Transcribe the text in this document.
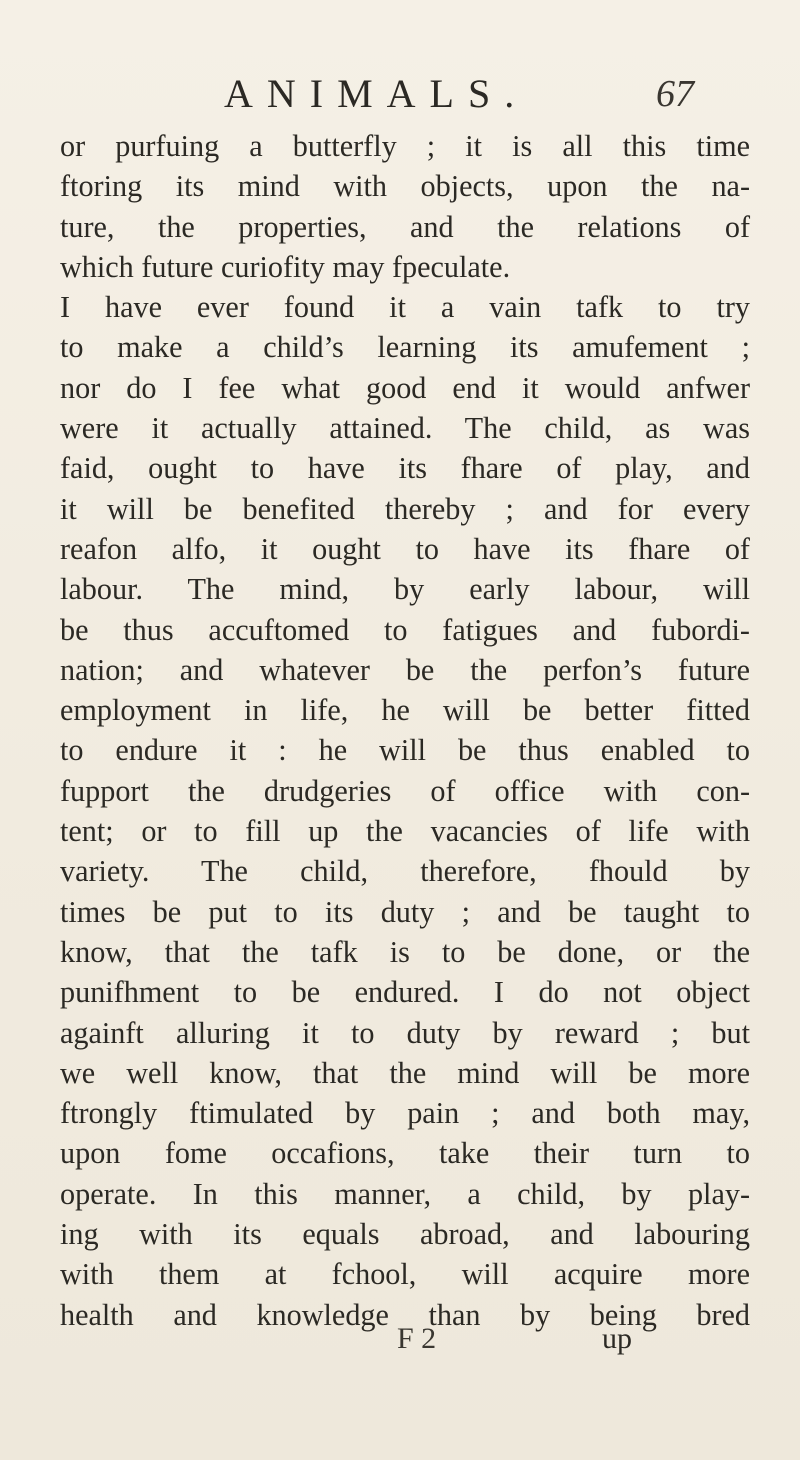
ANIMALS.	67
or purfuing a butterfly ; it is all this time
ftoring its mind with objects, upon the na-
ture, the properties, and the relations of
which future curiofity may fpeculate.
I have ever found it a vain tafk to try
to make a child’s learning its amufement ;
nor do I fee what good end it would anfwer
were it actually attained. The child, as was
faid, ought to have its fhare of play, and
it will be benefited thereby ; and for every
reafon alfo, it ought to have its fhare of
labour. The mind, by early labour, will
be thus accuftomed to fatigues and fubordi-
nation; and whatever be the perfon’s future
employment in life, he will be better fitted
to endure it : he will be thus enabled to
fupport the drudgeries of office with con-
tent; or to fill up the vacancies of life with
variety. The child, therefore, fhould by
times be put to its duty ; and be taught to
know, that the tafk is to be done, or the
punifhment to be endured. I do not object
againft alluring it to duty by reward ; but
we well know, that the mind will be more
ftrongly ftimulated by pain ; and both may,
upon fome occafions, take their turn to
operate. In this manner, a child, by play-
ing with its equals abroad, and labouring
with them at fchool, will acquire more
health and knowledge than by being bred
F 2	up
